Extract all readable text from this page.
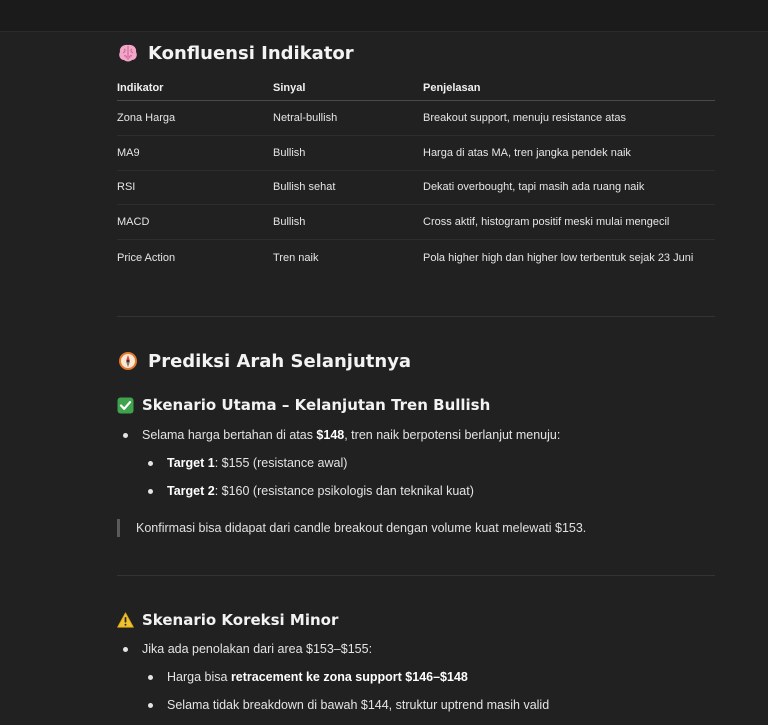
Konfluensi Indikator
Indikator	Sinyal	Penjelasan
Zona Harga	Netral-bullish	Breakout support, menuju resistance atas
MA9	Bullish	Harga di atas MA, tren jangka pendek naik
RSI	Bullish sehat	Dekati overbought, tapi masih ada ruang naik
MACD	Bullish	Cross aktif, histogram positif meski mulai mengecil
Price Action	Tren naik	Pola higher high dan higher low terbentuk sejak 23 Juni
Prediksi Arah Selanjutnya
Skenario Utama – Kelanjutan Tren Bullish
Selama harga bertahan di atas $148, tren naik berpotensi berlanjut menuju:
Target 1: $155 (resistance awal)
Target 2: $160 (resistance psikologis dan teknikal kuat)
Konfirmasi bisa didapat dari candle breakout dengan volume kuat melewati $153.
Skenario Koreksi Minor
Jika ada penolakan dari area $153–$155:
Harga bisa retracement ke zona support $146–$148
Selama tidak breakdown di bawah $144, struktur uptrend masih valid
